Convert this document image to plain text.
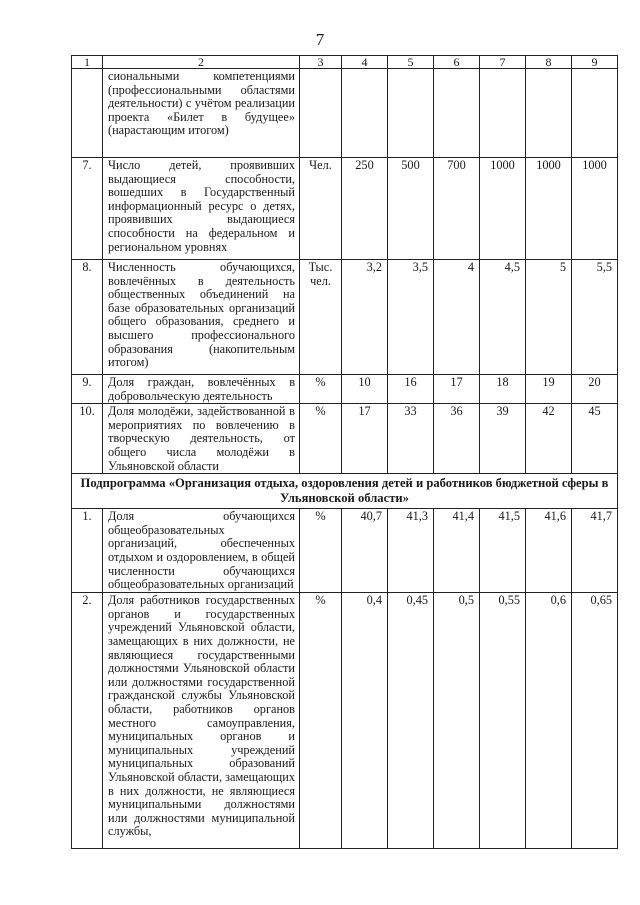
7
1	2	3	4	5	6	7	8	9
	сиональными компетенциями (профессиональными областями деятельности) с учётом реализации проекта «Билет в будущее» (нарастающим итогом)							
7.	Число детей, проявивших выдающиеся способности, вошедших в Государственный информационный ресурс о детях, проявивших выдающиеся способности на федеральном и региональном уровнях	Чел.	250	500	700	1000	1000	1000
8.	Численность обучающихся, вовлечённых в деятельность общественных объединений на базе образовательных организаций общего образования, среднего и высшего профессионального образования (накопительным итогом)	Тыс. чел.	3,2	3,5	4	4,5	5	5,5
9.	Доля граждан, вовлечённых в добровольческую деятельность	%	10	16	17	18	19	20
10.	Доля молодёжи, задействованной в мероприятиях по вовлечению в творческую деятельность, от общего числа молодёжи в Ульяновской области	%	17	33	36	39	42	45
Подпрограмма «Организация отдыха, оздоровления детей и работников бюджетной сферы в Ульяновской области»								
1.	Доля обучающихся общеобразовательных организаций, обеспеченных отдыхом и оздоровлением, в общей численности обучающихся общеобразовательных организаций	%	40,7	41,3	41,4	41,5	41,6	41,7
2.	Доля работников государственных органов и государственных учреждений Ульяновской области, замещающих в них должности, не являющиеся государственными должностями Ульяновской области или должностями государственной гражданской службы Ульяновской области, работников органов местного самоуправления, муниципальных органов и муниципальных учреждений муниципальных образований Ульяновской области, замещающих в них должности, не являющиеся муниципальными должностями или должностями муниципальной службы,	%	0,4	0,45	0,5	0,55	0,6	0,65
